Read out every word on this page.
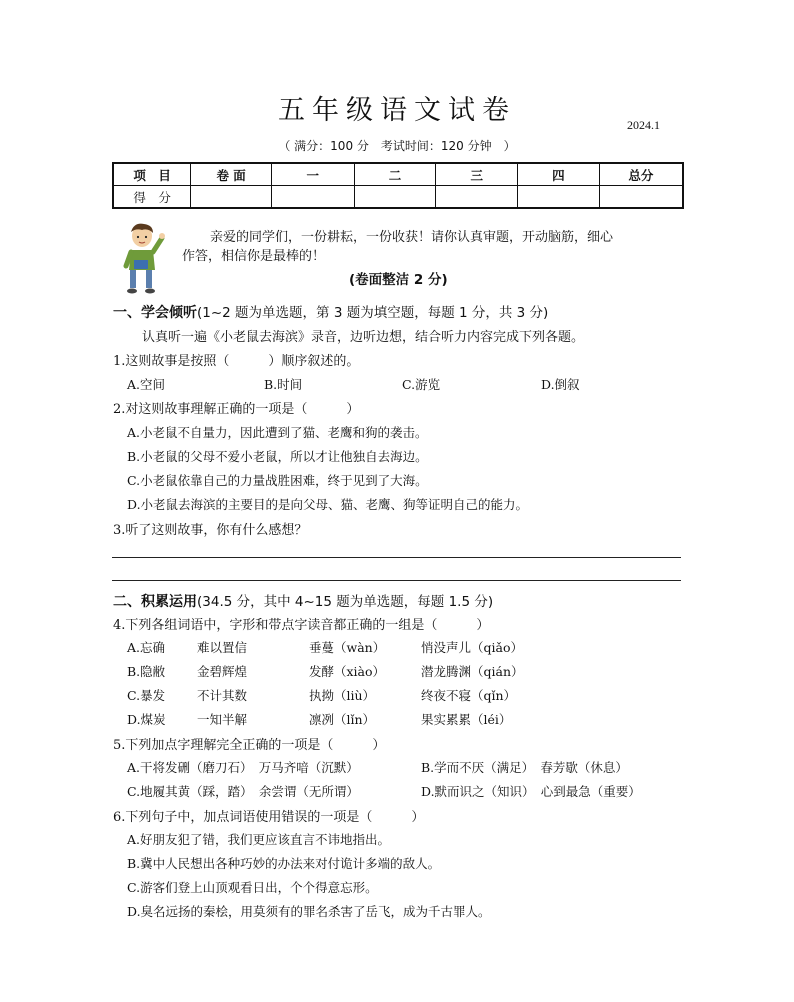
五年级语文试卷	2024.1
（ 满分：100 分　考试时间：120 分钟　）
项　目	卷 面	一	二	三	四	总分
得　分						
亲爱的同学们，一份耕耘，一份收获！请你认真审题，开动脑筋，细心
作答，相信你是最棒的！
(卷面整洁 2 分)
一、学会倾听(1~2 题为单选题，第 3 题为填空题，每题 1 分，共 3 分)
认真听一遍《小老鼠去海滨》录音，边听边想，结合听力内容完成下列各题。
1.这则故事是按照（　　　）顺序叙述的。
A.空间	B.时间	C.游览	D.倒叙
2.对这则故事理解正确的一项是（　　　）
A.小老鼠不自量力，因此遭到了猫、老鹰和狗的袭击。
B.小老鼠的父母不爱小老鼠，所以才让他独自去海边。
C.小老鼠依靠自己的力量战胜困难，终于见到了大海。
D.小老鼠去海滨的主要目的是向父母、猫、老鹰、狗等证明自己的能力。
3.听了这则故事，你有什么感想？
二、积累运用(34.5 分，其中 4~15 题为单选题，每题 1.5 分)
4.下列各组词语中，字形和带点字读音都正确的一组是（　　　）
A.忘确	难以置信	垂蔓（wàn）	悄没声儿（qiǎo）
B.隐敝	金碧辉煌	发酵（xiào）	潜龙腾渊（qián）
C.暴发	不计其数	执拗（liù）	终夜不寝（qǐn）
D.煤炭	一知半解	凛冽（lǐn）	果实累累（léi）
5.下列加点字理解完全正确的一项是（　　　）
A.干将发硎（磨刀石）　万马齐喑（沉默）	B.学而不厌（满足）　春芳歇（休息）
C.地履其黄（踩，踏）　余尝谓（无所谓）	D.默而识之（知识）　心到最急（重要）
6.下列句子中，加点词语使用错误的一项是（　　　）
A.好朋友犯了错，我们更应该直言不讳地指出。
B.冀中人民想出各种巧妙的办法来对付诡计多端的敌人。
C.游客们登上山顶观看日出，个个得意忘形。
D.臭名远扬的秦桧，用莫须有的罪名杀害了岳飞，成为千古罪人。
